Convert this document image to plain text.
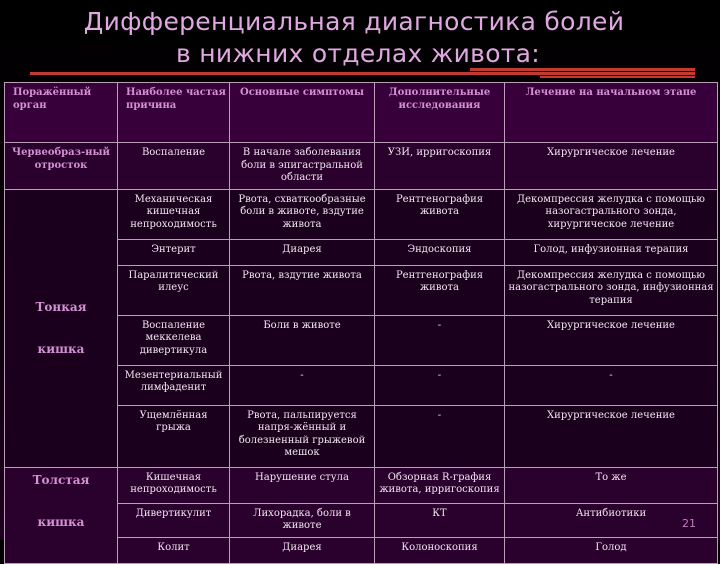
Дифференциальная диагностика болей
в нижних отделах живота:
Поражённый орган	Наиболее частая причина	Основные симптомы	Дополнительные исследования	Лечение на начальном этапе
Червеобраз-ный отросток	Воспаление	В начале заболевания боли в эпигастральной области	УЗИ, ирригоскопия	Хирургическое лечение
Тонкая
кишка	Механическая кишечная непроходимость	Рвота, схваткообразные боли в животе, вздутие живота	Рентгенография живота	Декомпрессия желудка с помощью назогастрального зонда, хирургическое лечение
	Энтерит	Диарея	Эндоскопия	Голод, инфузионная терапия
	Паралитический илеус	Рвота, вздутие живота	Рентгенография живота	Декомпрессия желудка с помощью назогастрального зонда, инфузионная терапия
	Воспаление меккелева дивертикула	Боли в животе	-	Хирургическое лечение
	Мезентериальный лимфаденит	-	-	-
	Ущемлённая грыжа	Рвота, пальпируется напря-жённый и болезненный грыжевой мешок	-	Хирургическое лечение
Толстая
кишка	Кишечная непроходимость	Нарушение стула	Обзорная R-графия живота, ирригоскопия	То же
	Дивертикулит	Лихорадка, боли в животе	КТ	Антибиотики
	Колит	Диарея	Колоноскопия	Голод
21
